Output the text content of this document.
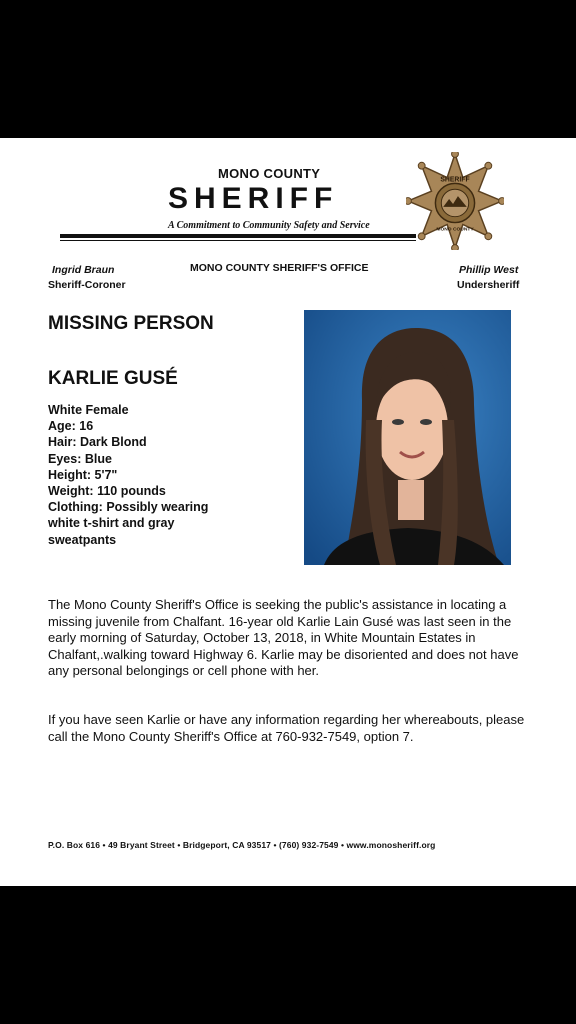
MONO COUNTY
SHERIFF
A Commitment to Community Safety and Service
SHERIFF
MONO COUNTY
Ingrid Braun
Sheriff-Coroner
MONO COUNTY SHERIFF'S OFFICE	Phillip West
Undersheriff
MISSING PERSON
KARLIE GUSÉ
White Female
Age: 16
Hair: Dark Blond
Eyes: Blue
Height: 5'7"
Weight: 110 pounds
Clothing: Possibly wearing
white t-shirt and gray
sweatpants
The Mono County Sheriff's Office is seeking the public's assistance in locating a missing juvenile from Chalfant. 16-year old Karlie Lain Gusé was last seen in the early morning of Saturday, October 13, 2018, in White Mountain Estates in Chalfant,.walking toward Highway 6. Karlie may be disoriented and does not have any personal belongings or cell phone with her.
If you have seen Karlie or have any information regarding her whereabouts, please call the Mono County Sheriff's Office at 760-932-7549, option 7.
P.O. Box 616 • 49 Bryant Street • Bridgeport, CA 93517 • (760) 932-7549 • www.monosheriff.org
